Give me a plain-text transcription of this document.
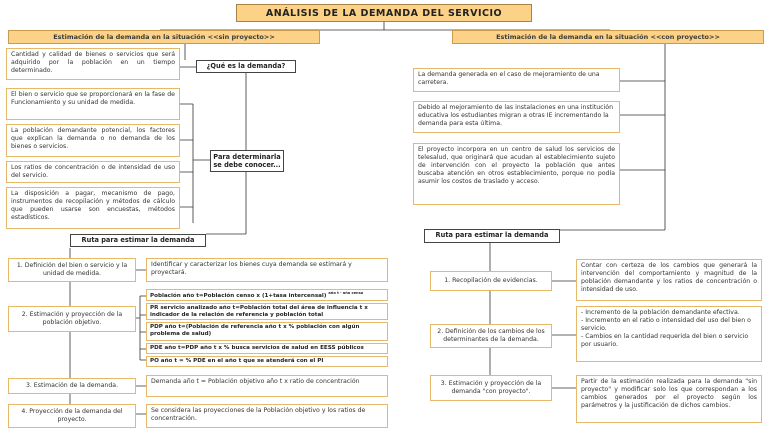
ANÁLISIS DE LA DEMANDA DEL SERVICIO
Estimación de la demanda en la situación <<sin proyecto>>
¿Qué es la demanda?
Cantidad y calidad de bienes o servicios que será adquirido por la población en un tiempo determinado.
El bien o servicio que se proporcionará en la fase de Funcionamiento y su unidad de medida.
La población demandante potencial, los factores que explican la demanda o no demanda de los bienes o servicios.
Para determinarla se debe conocer...
Los ratios de concentración o de intensidad de uso del servicio.
La disposición a pagar, mecanismo de pago, instrumentos de recopilación y métodos de cálculo que pueden usarse son encuestas, métodos estadísticos.
Ruta para estimar la demanda
1. Definición del bien o servicio y la unidad de medida.
Identificar y caracterizar los bienes cuya demanda se estimará y proyectará.
2. Estimación y proyección de la población objetivo.
Población año t=Población censo x (1+tasa intercensal) $^{año t - año censo}$
PR servicio analizado año t=Población total del área de influencia t x indicador de la relación de referencia y población total
PDP año t=(Población de referencia año t x % población con algún problema de salud)
PDE año t=PDP año t x % busca servicios de salud en EESS públicos
PO año t = % PDE en el año t que se atenderá con el PI
3. Estimación de la demanda.
Demanda año t = Población objetivo año t x ratio de concentración
4. Proyección de la demanda del proyecto.
Se considera las proyecciones de la Población objetivo y los ratios de concentración.
Estimación de la demanda en la situación <<con proyecto>>
La demanda generada en el caso de mejoramiento de una carretera.
Debido al mejoramiento de las instalaciones en una institución educativa los estudiantes migran a otras IE incrementando la demanda para esta última.
El proyecto incorpora en un centro de salud los servicios de telesalud, que originará que acudan al establecimiento sujeto de intervención con el proyecto la población que antes buscaba atención en otros establecimiento, porque no podía asumir los costos de traslado y acceso.
Ruta para estimar la demanda
1. Recopilación de evidencias.
Contar con certeza de los cambios que generará la intervención del comportamiento y magnitud de la población demandante y los ratios de concentración o intensidad de uso.
2. Definición de los cambios de los determinantes de la demanda.
- Incremento de la población demandante efectiva.
- Incremento en el ratio o intensidad del uso del bien o servicio.
- Cambios en la cantidad requerida del bien o servicio por usuario.
3. Estimación y proyección de la demanda "con proyecto".
Partir de la estimación realizada para la demanda "sin proyecto" y modificar solo los que correspondan a los cambios generados por el proyecto según los parámetros y la justificación de dichos cambios.
